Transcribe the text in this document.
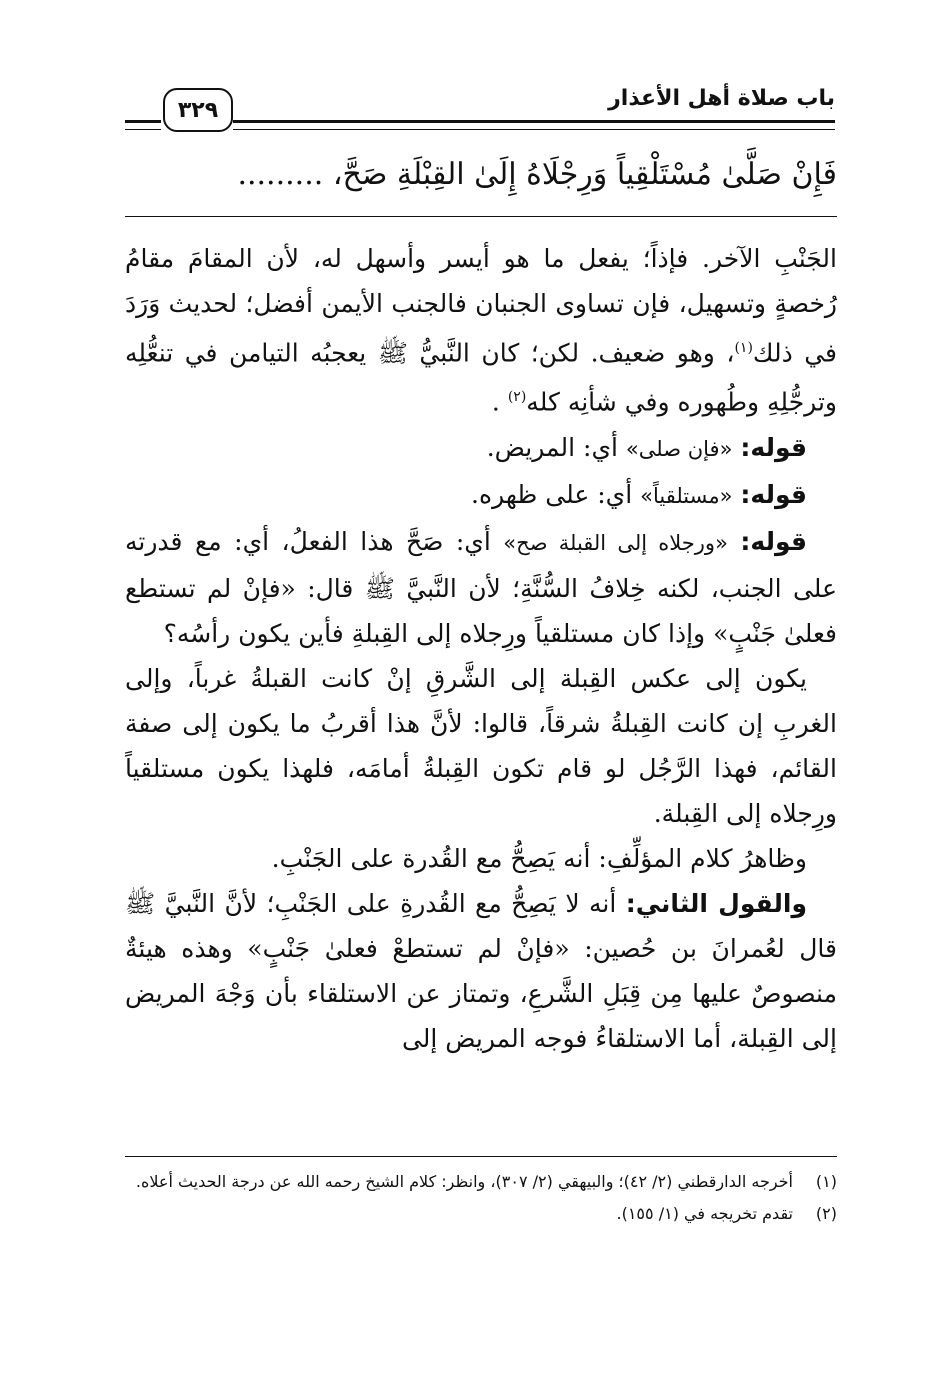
باب صلاة أهل الأعذار
٣٢٩
فَإِنْ صَلَّىٰ مُسْتَلْقِياً وَرِجْلَاهُ إِلَىٰ القِبْلَةِ صَحَّ، .........

الجَنْبِ الآخر. فإذاً؛ يفعل ما هو أيسر وأسهل له، لأن المقامَ مقامُ رُخصةٍ وتسهيل، فإن تساوى الجنبان فالجنب الأيمن أفضل؛ لحديث وَرَدَ في ذلك$^{(١)}$، وهو ضعيف. لكن؛ كان النَّبيُّ ﷺ يعجبُه التيامن في تنعُّلِه وترجُّلِهِ وطُهوره وفي شأنِه كله$^{(٢)}$ .

قوله: «فإن صلى» أي: المريض.

قوله: «مستلقياً» أي: على ظهره.

قوله: «ورجلاه إلى القبلة صح» أي: صَحَّ هذا الفعلُ، أي: مع قدرته على الجنب، لكنه خِلافُ السُّنَّةِ؛ لأن النَّبيَّ ﷺ قال: «فإنْ لم تستطع فعلىٰ جَنْبٍ» وإذا كان مستلقياً ورِجلاه إلى القِبلةِ فأين يكون رأسُه؟

يكون إلى عكس القِبلة إلى الشَّرقِ إنْ كانت القبلةُ غرباً، وإلى الغربِ إن كانت القِبلةُ شرقاً، قالوا: لأنَّ هذا أقربُ ما يكون إلى صفة القائم، فهذا الرَّجُل لو قام تكون القِبلةُ أمامَه، فلهذا يكون مستلقياً ورِجلاه إلى القِبلة.

وظاهرُ كلام المؤلِّفِ: أنه يَصِحُّ مع القُدرة على الجَنْبِ.

والقول الثاني: أنه لا يَصِحُّ مع القُدرةِ على الجَنْبِ؛ لأنَّ النَّبيَّ ﷺ قال لعُمرانَ بن حُصين: «فإنْ لم تستطعْ فعلىٰ جَنْبٍ» وهذه هيئةٌ منصوصٌ عليها مِن قِبَلِ الشَّرعِ، وتمتاز عن الاستلقاء بأن وَجْهَ المريض إلى القِبلة، أما الاستلقاءُ فوجه المريض إلى

(١)
أخرجه الدارقطني (٢/ ٤٢)؛ والبيهقي (٢/ ٣٠٧)، وانظر: كلام الشيخ رحمه الله عن درجة الحديث أعلاه.
(٢)
تقدم تخريجه في (١/ ١٥٥).
